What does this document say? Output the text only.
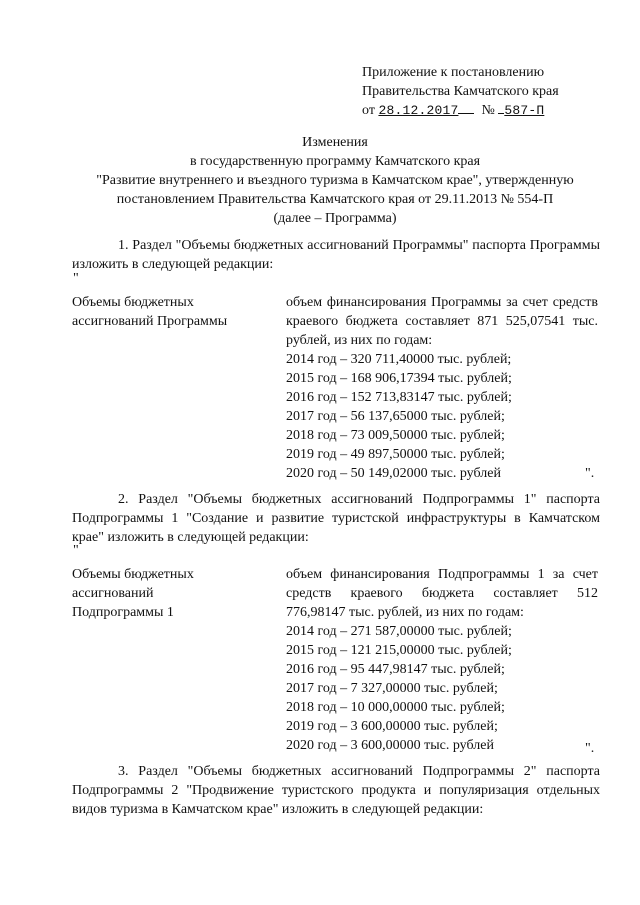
Приложение к постановлению
Правительства Камчатского края
от 28.12.2017 № 587-П
Изменения
в государственную программу Камчатского края
"Развитие внутреннего и въездного туризма в Камчатском крае", утвержденную
постановлением Правительства Камчатского края от 29.11.2013 № 554-П
(далее – Программа)
1. Раздел "Объемы бюджетных ассигнований Программы" паспорта Программы изложить в следующей редакции:
"
Объемы бюджетных
ассигнований Программы
объем финансирования Программы за счет средств краевого бюджета составляет 871 525,07541 тыс. рублей, из них по годам:
2014 год – 320 711,40000 тыс. рублей;
2015 год – 168 906,17394 тыс. рублей;
2016 год – 152 713,83147 тыс. рублей;
2017 год – 56 137,65000 тыс. рублей;
2018 год – 73 009,50000 тыс. рублей;
2019 год – 49 897,50000 тыс. рублей;
2020 год – 50 149,02000 тыс. рублей	".
2. Раздел "Объемы бюджетных ассигнований Подпрограммы 1" паспорта Подпрограммы 1 "Создание и развитие туристской инфраструктуры в Камчатском крае" изложить в следующей редакции:
"
Объемы бюджетных
ассигнований
Подпрограммы 1
объем финансирования Подпрограммы 1 за счет средств краевого бюджета составляет 512 776,98147 тыс. рублей, из них по годам:
2014 год – 271 587,00000 тыс. рублей;
2015 год – 121 215,00000 тыс. рублей;
2016 год – 95 447,98147 тыс. рублей;
2017 год – 7 327,00000 тыс. рублей;
2018 год – 10 000,00000 тыс. рублей;
2019 год – 3 600,00000 тыс. рублей;
2020 год – 3 600,00000 тыс. рублей	".
3. Раздел "Объемы бюджетных ассигнований Подпрограммы 2" паспорта Подпрограммы 2 "Продвижение туристского продукта и популяризация отдельных видов туризма в Камчатском крае" изложить в следующей редакции:
